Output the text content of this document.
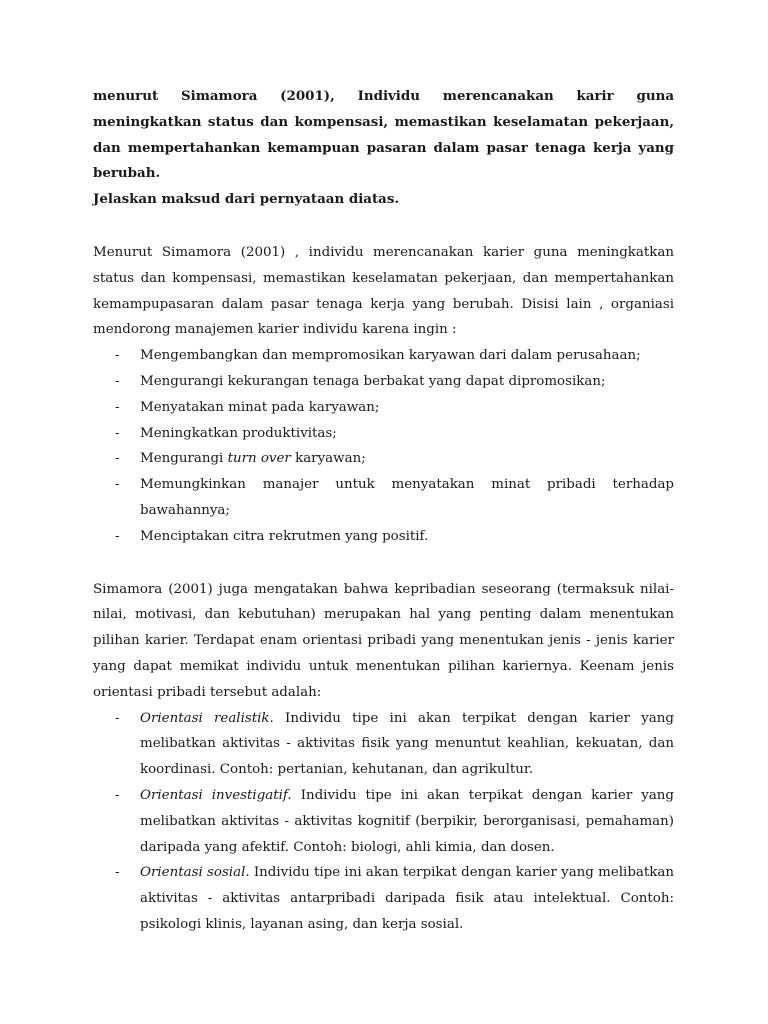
menurut Simamora (2001), Individu merencanakan karir guna meningkatkan status dan kompensasi, memastikan keselamatan pekerjaan, dan mempertahankan kemampuan pasaran dalam pasar tenaga kerja yang berubah.
Jelaskan maksud dari pernyataan diatas.

Menurut Simamora (2001) , individu merencanakan karier guna meningkatkan status dan kompensasi, memastikan keselamatan pekerjaan, dan mempertahankan kemampupasaran dalam pasar tenaga kerja yang berubah. Disisi lain , organiasi mendorong manajemen karier individu karena ingin :

- Mengembangkan dan mempromosikan karyawan dari dalam perusahaan;
- Mengurangi kekurangan tenaga berbakat yang dapat dipromosikan;
- Menyatakan minat pada karyawan;
- Meningkatkan produktivitas;
- Mengurangi turn over karyawan;
- Memungkinkan manajer untuk menyatakan minat pribadi terhadap bawahannya;
- Menciptakan citra rekrutmen yang positif.

Simamora (2001) juga mengatakan bahwa kepribadian seseorang (termaksuk nilai-nilai, motivasi, dan kebutuhan) merupakan hal yang penting dalam menentukan pilihan karier. Terdapat enam orientasi pribadi yang menentukan jenis - jenis karier yang dapat memikat individu untuk menentukan pilihan kariernya. Keenam jenis orientasi pribadi tersebut adalah:

- Orientasi realistik. Individu tipe ini akan terpikat dengan karier yang melibatkan aktivitas - aktivitas fisik yang menuntut keahlian, kekuatan, dan koordinasi. Contoh: pertanian, kehutanan, dan agrikultur.
- Orientasi investigatif. Individu tipe ini akan terpikat dengan karier yang melibatkan aktivitas - aktivitas kognitif (berpikir, berorganisasi, pemahaman) daripada yang afektif. Contoh: biologi, ahli kimia, dan dosen.
- Orientasi sosial. Individu tipe ini akan terpikat dengan karier yang melibatkan aktivitas - aktivitas antarpribadi daripada fisik atau intelektual. Contoh: psikologi klinis, layanan asing, dan kerja sosial.
